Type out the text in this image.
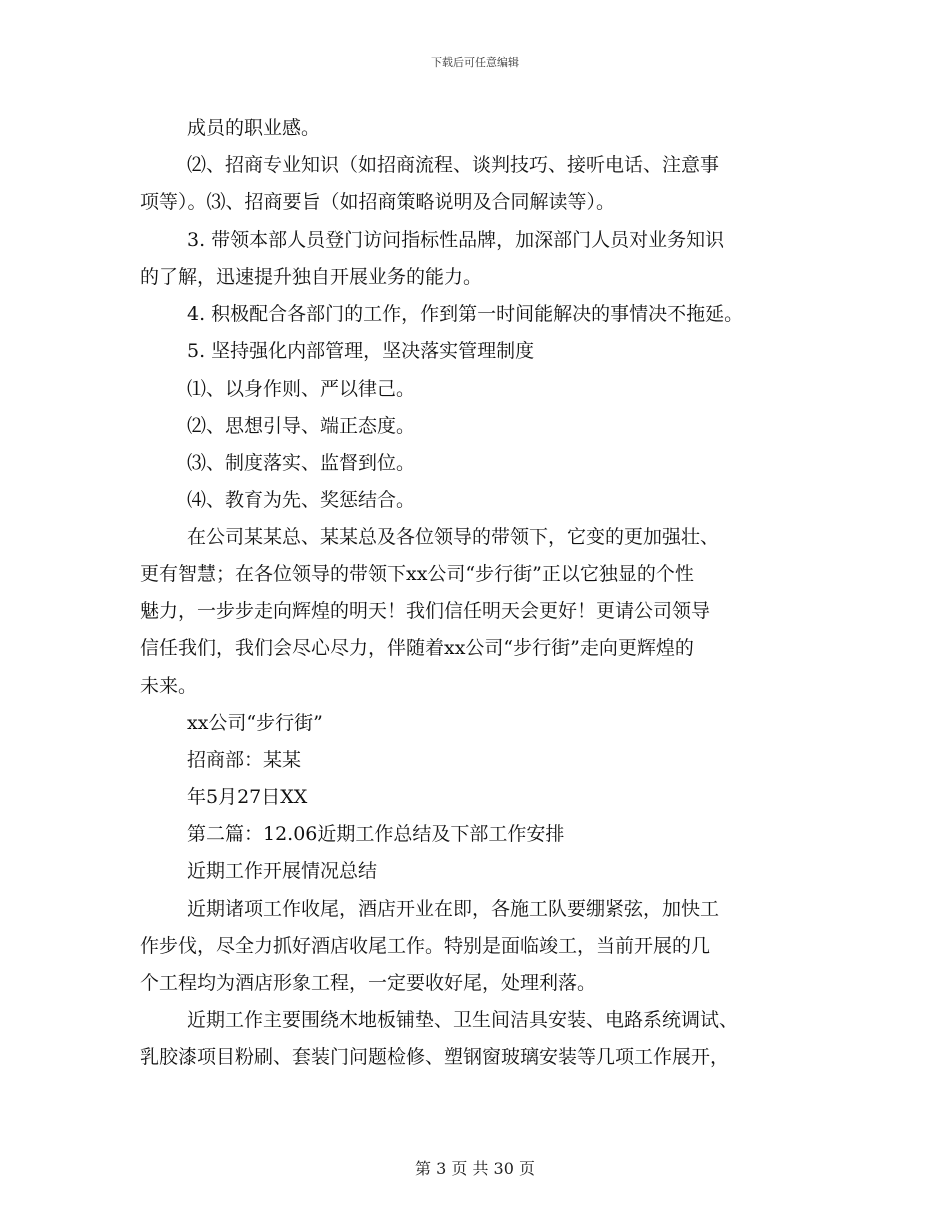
下载后可任意编辑
成员的职业感。
⑵、招商专业知识（如招商流程、谈判技巧、接听电话、注意事
项等）。⑶、招商要旨（如招商策略说明及合同解读等）。
3. 带领本部人员登门访问指标性品牌，加深部门人员对业务知识
的了解，迅速提升独自开展业务的能力。
4. 积极配合各部门的工作，作到第一时间能解决的事情决不拖延。
5. 坚持强化内部管理，坚决落实管理制度
⑴、以身作则、严以律己。
⑵、思想引导、端正态度。
⑶、制度落实、监督到位。
⑷、教育为先、奖惩结合。
在公司某某总、某某总及各位领导的带领下，它变的更加强壮、
更有智慧；在各位领导的带领下xx公司“步行街”正以它独显的个性
魅力，一步步走向辉煌的明天！我们信任明天会更好！更请公司领导
信任我们，我们会尽心尽力，伴随着xx公司“步行街”走向更辉煌的
未来。
xx公司“步行街”
招商部：某某
年5月27日XX
第二篇：12.06近期工作总结及下部工作安排
近期工作开展情况总结
近期诸项工作收尾，酒店开业在即，各施工队要绷紧弦，加快工
作步伐，尽全力抓好酒店收尾工作。特别是面临竣工，当前开展的几
个工程均为酒店形象工程，一定要收好尾，处理利落。
近期工作主要围绕木地板铺垫、卫生间洁具安装、电路系统调试、
乳胶漆项目粉刷、套装门问题检修、塑钢窗玻璃安装等几项工作展开，
第 3 页 共 30 页
